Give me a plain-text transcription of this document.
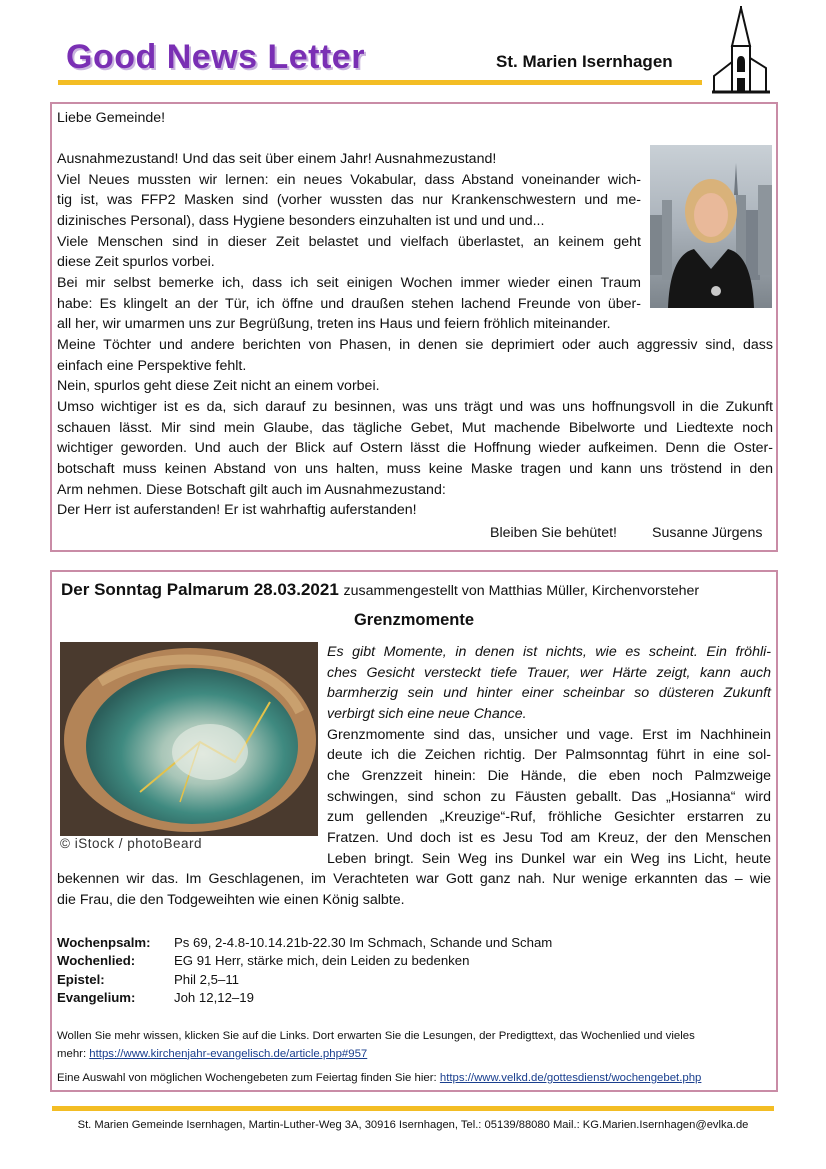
Good News Letter	St. Marien Isernhagen
Liebe Gemeinde!
Ausnahmezustand! Und das seit über einem Jahr! Ausnahmezustand!
Viel Neues mussten wir lernen: ein neues Vokabular, dass Abstand voneinander wich-
tig ist, was FFP2 Masken sind (vorher wussten das nur Krankenschwestern und me-
dizinisches Personal), dass Hygiene besonders einzuhalten ist und und und...
Viele Menschen sind in dieser Zeit belastet und vielfach überlastet, an keinem geht
diese Zeit spurlos vorbei.
Bei mir selbst bemerke ich, dass ich seit einigen Wochen immer wieder einen Traum
habe: Es klingelt an der Tür, ich öffne und draußen stehen lachend Freunde von über-
all her, wir umarmen uns zur Begrüßung, treten ins Haus und feiern fröhlich miteinander.
Meine Töchter und andere berichten von Phasen, in denen sie deprimiert oder auch aggressiv sind, dass
einfach eine Perspektive fehlt.
Nein, spurlos geht diese Zeit nicht an einem vorbei.
Umso wichtiger ist es da, sich darauf zu besinnen, was uns trägt und was uns hoffnungsvoll in die Zukunft
schauen lässt. Mir sind mein Glaube, das tägliche Gebet, Mut machende Bibelworte und Liedtexte noch
wichtiger geworden. Und auch der Blick auf Ostern lässt die Hoffnung wieder aufkeimen. Denn die Oster-
botschaft muss keinen Abstand von uns halten, muss keine Maske tragen und kann uns tröstend in den
Arm nehmen. Diese Botschaft gilt auch im Ausnahmezustand:
Der Herr ist auferstanden! Er ist wahrhaftig auferstanden!
Bleiben Sie behütet! Susanne Jürgens
Der Sonntag Palmarum 28.03.2021 zusammengestellt von Matthias Müller, Kirchenvorsteher
Grenzmomente
© iStock / photoBeard
Es gibt Momente, in denen ist nichts, wie es scheint. Ein fröhli-
ches Gesicht versteckt tiefe Trauer, wer Härte zeigt, kann auch
barmherzig sein und hinter einer scheinbar so düsteren Zukunft
verbirgt sich eine neue Chance.
Grenzmomente sind das, unsicher und vage. Erst im Nachhinein
deute ich die Zeichen richtig. Der Palmsonntag führt in eine sol-
che Grenzzeit hinein: Die Hände, die eben noch Palmzweige
schwingen, sind schon zu Fäusten geballt. Das „Hosianna“ wird
zum gellenden „Kreuzige“-Ruf, fröhliche Gesichter erstarren zu
Fratzen. Und doch ist es Jesu Tod am Kreuz, der den Menschen
Leben bringt. Sein Weg ins Dunkel war ein Weg ins Licht, heute
bekennen wir das. Im Geschlagenen, im Verachteten war Gott ganz nah. Nur wenige erkannten das – wie
die Frau, die den Todgeweihten wie einen König salbte.
Wochenpsalm:	Ps 69, 2-4.8-10.14.21b-22.30 Im Schmach, Schande und Scham
Wochenlied:	EG 91 Herr, stärke mich, dein Leiden zu bedenken
Epistel:	Phil 2,5–11
Evangelium:	Joh 12,12–19
Wollen Sie mehr wissen, klicken Sie auf die Links. Dort erwarten Sie die Lesungen, der Predigttext, das Wochenlied und vieles
mehr: https://www.kirchenjahr-evangelisch.de/article.php#957
Eine Auswahl von möglichen Wochengebeten zum Feiertag finden Sie hier: https://www.velkd.de/gottesdienst/wochengebet.php
St. Marien Gemeinde Isernhagen, Martin-Luther-Weg 3A, 30916 Isernhagen, Tel.: 05139/88080 Mail.: KG.Marien.Isernhagen@evlka.de
